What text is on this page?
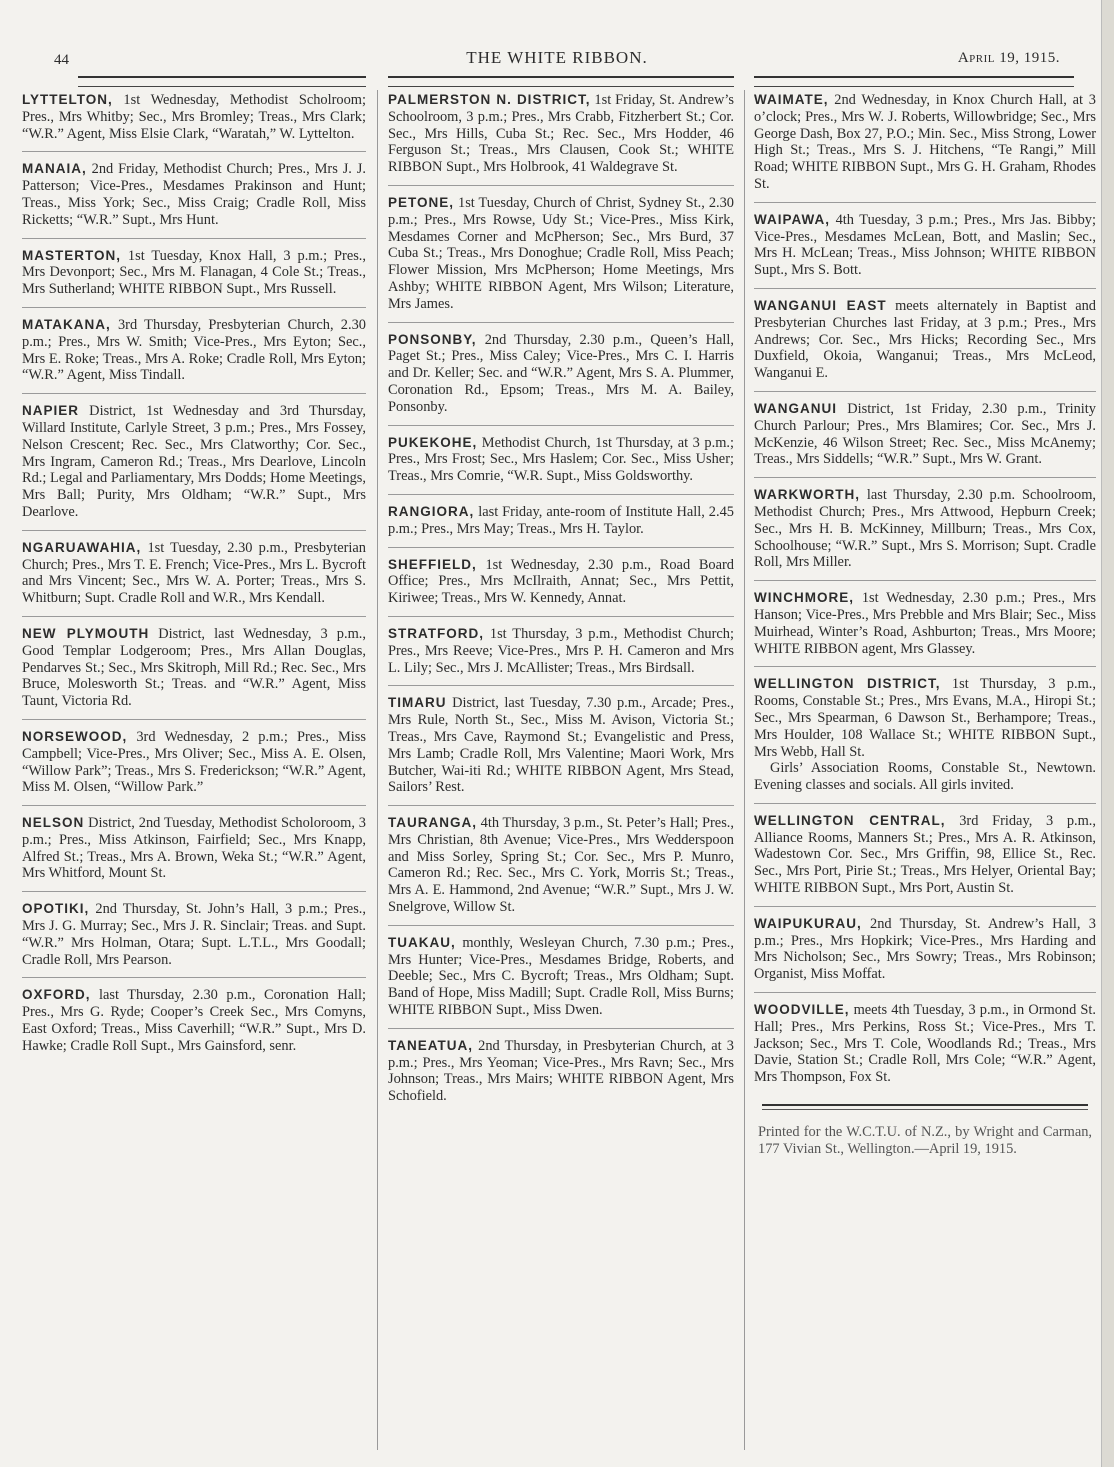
44	THE WHITE RIBBON.	April 19, 1915.
LYTTELTON, 1st Wednesday, Methodist Scholroom; Pres., Mrs Whitby; Sec., Mrs Bromley; Treas., Mrs Clark; “W.R.” Agent, Miss Elsie Clark, “Waratah,” W. Lyttelton.
MANAIA, 2nd Friday, Methodist Church; Pres., Mrs J. J. Patterson; Vice-Pres., Mesdames Prakinson and Hunt; Treas., Miss York; Sec., Miss Craig; Cradle Roll, Miss Ricketts; “W.R.” Supt., Mrs Hunt.
MASTERTON, 1st Tuesday, Knox Hall, 3 p.m.; Pres., Mrs Devonport; Sec., Mrs M. Flanagan, 4 Cole St.; Treas., Mrs Sutherland; WHITE RIBBON Supt., Mrs Russell.
MATAKANA, 3rd Thursday, Presbyterian Church, 2.30 p.m.; Pres., Mrs W. Smith; Vice-Pres., Mrs Eyton; Sec., Mrs E. Roke; Treas., Mrs A. Roke; Cradle Roll, Mrs Eyton; “W.R.” Agent, Miss Tindall.
NAPIER District, 1st Wednesday and 3rd Thursday, Willard Institute, Carlyle Street, 3 p.m.; Pres., Mrs Fossey, Nelson Crescent; Rec. Sec., Mrs Clatworthy; Cor. Sec., Mrs Ingram, Cameron Rd.; Treas., Mrs Dearlove, Lincoln Rd.; Legal and Parliamentary, Mrs Dodds; Home Meetings, Mrs Ball; Purity, Mrs Oldham; “W.R.” Supt., Mrs Dearlove.
NGARUAWAHIA, 1st Tuesday, 2.30 p.m., Presbyterian Church; Pres., Mrs T. E. French; Vice-Pres., Mrs L. Bycroft and Mrs Vincent; Sec., Mrs W. A. Porter; Treas., Mrs S. Whitburn; Supt. Cradle Roll and W.R., Mrs Kendall.
NEW PLYMOUTH District, last Wednesday, 3 p.m., Good Templar Lodgeroom; Pres., Mrs Allan Douglas, Pendarves St.; Sec., Mrs Skitroph, Mill Rd.; Rec. Sec., Mrs Bruce, Molesworth St.; Treas. and “W.R.” Agent, Miss Taunt, Victoria Rd.
NORSEWOOD, 3rd Wednesday, 2 p.m.; Pres., Miss Campbell; Vice-Pres., Mrs Oliver; Sec., Miss A. E. Olsen, “Willow Park”; Treas., Mrs S. Frederickson; “W.R.” Agent, Miss M. Olsen, “Willow Park.”
NELSON District, 2nd Tuesday, Methodist Scholoroom, 3 p.m.; Pres., Miss Atkinson, Fairfield; Sec., Mrs Knapp, Alfred St.; Treas., Mrs A. Brown, Weka St.; “W.R.” Agent, Mrs Whitford, Mount St.
OPOTIKI, 2nd Thursday, St. John’s Hall, 3 p.m.; Pres., Mrs J. G. Murray; Sec., Mrs J. R. Sinclair; Treas. and Supt. “W.R.” Mrs Holman, Otara; Supt. L.T.L., Mrs Goodall; Cradle Roll, Mrs Pearson.
OXFORD, last Thursday, 2.30 p.m., Coronation Hall; Pres., Mrs G. Ryde; Cooper’s Creek Sec., Mrs Comyns, East Oxford; Treas., Miss Caverhill; “W.R.” Supt., Mrs D. Hawke; Cradle Roll Supt., Mrs Gainsford, senr.
PALMERSTON N. DISTRICT, 1st Friday, St. Andrew’s Schoolroom, 3 p.m.; Pres., Mrs Crabb, Fitzherbert St.; Cor. Sec., Mrs Hills, Cuba St.; Rec. Sec., Mrs Hodder, 46 Ferguson St.; Treas., Mrs Clausen, Cook St.; WHITE RIBBON Supt., Mrs Holbrook, 41 Waldegrave St.
PETONE, 1st Tuesday, Church of Christ, Sydney St., 2.30 p.m.; Pres., Mrs Rowse, Udy St.; Vice-Pres., Miss Kirk, Mesdames Corner and McPherson; Sec., Mrs Burd, 37 Cuba St.; Treas., Mrs Donoghue; Cradle Roll, Miss Peach; Flower Mission, Mrs McPherson; Home Meetings, Mrs Ashby; WHITE RIBBON Agent, Mrs Wilson; Literature, Mrs James.
PONSONBY, 2nd Thursday, 2.30 p.m., Queen’s Hall, Paget St.; Pres., Miss Caley; Vice-Pres., Mrs C. I. Harris and Dr. Keller; Sec. and “W.R.” Agent, Mrs S. A. Plummer, Coronation Rd., Epsom; Treas., Mrs M. A. Bailey, Ponsonby.
PUKEKOHE, Methodist Church, 1st Thursday, at 3 p.m.; Pres., Mrs Frost; Sec., Mrs Haslem; Cor. Sec., Miss Usher; Treas., Mrs Comrie, “W.R. Supt., Miss Goldsworthy.
RANGIORA, last Friday, ante-room of Institute Hall, 2.45 p.m.; Pres., Mrs May; Treas., Mrs H. Taylor.
SHEFFIELD, 1st Wednesday, 2.30 p.m., Road Board Office; Pres., Mrs McIlraith, Annat; Sec., Mrs Pettit, Kiriwee; Treas., Mrs W. Kennedy, Annat.
STRATFORD, 1st Thursday, 3 p.m., Methodist Church; Pres., Mrs Reeve; Vice-Pres., Mrs P. H. Cameron and Mrs L. Lily; Sec., Mrs J. McAllister; Treas., Mrs Birdsall.
TIMARU District, last Tuesday, 7.30 p.m., Arcade; Pres., Mrs Rule, North St., Sec., Miss M. Avison, Victoria St.; Treas., Mrs Cave, Raymond St.; Evangelistic and Press, Mrs Lamb; Cradle Roll, Mrs Valentine; Maori Work, Mrs Butcher, Wai-iti Rd.; WHITE RIBBON Agent, Mrs Stead, Sailors’ Rest.
TAURANGA, 4th Thursday, 3 p.m., St. Peter’s Hall; Pres., Mrs Christian, 8th Avenue; Vice-Pres., Mrs Wedderspoon and Miss Sorley, Spring St.; Cor. Sec., Mrs P. Munro, Cameron Rd.; Rec. Sec., Mrs C. York, Morris St.; Treas., Mrs A. E. Hammond, 2nd Avenue; “W.R.” Supt., Mrs J. W. Snelgrove, Willow St.
TUAKAU, monthly, Wesleyan Church, 7.30 p.m.; Pres., Mrs Hunter; Vice-Pres., Mesdames Bridge, Roberts, and Deeble; Sec., Mrs C. Bycroft; Treas., Mrs Oldham; Supt. Band of Hope, Miss Madill; Supt. Cradle Roll, Miss Burns; WHITE RIBBON Supt., Miss Dwen.
TANEATUA, 2nd Thursday, in Presbyterian Church, at 3 p.m.; Pres., Mrs Yeoman; Vice-Pres., Mrs Ravn; Sec., Mrs Johnson; Treas., Mrs Mairs; WHITE RIBBON Agent, Mrs Schofield.
WAIMATE, 2nd Wednesday, in Knox Church Hall, at 3 o’clock; Pres., Mrs W. J. Roberts, Willowbridge; Sec., Mrs George Dash, Box 27, P.O.; Min. Sec., Miss Strong, Lower High St.; Treas., Mrs S. J. Hitchens, “Te Rangi,” Mill Road; WHITE RIBBON Supt., Mrs G. H. Graham, Rhodes St.
WAIPAWA, 4th Tuesday, 3 p.m.; Pres., Mrs Jas. Bibby; Vice-Pres., Mesdames McLean, Bott, and Maslin; Sec., Mrs H. McLean; Treas., Miss Johnson; WHITE RIBBON Supt., Mrs S. Bott.
WANGANUI EAST meets alternately in Baptist and Presbyterian Churches last Friday, at 3 p.m.; Pres., Mrs Andrews; Cor. Sec., Mrs Hicks; Recording Sec., Mrs Duxfield, Okoia, Wanganui; Treas., Mrs McLeod, Wanganui E.
WANGANUI District, 1st Friday, 2.30 p.m., Trinity Church Parlour; Pres., Mrs Blamires; Cor. Sec., Mrs J. McKenzie, 46 Wilson Street; Rec. Sec., Miss McAnemy; Treas., Mrs Siddells; “W.R.” Supt., Mrs W. Grant.
WARKWORTH, last Thursday, 2.30 p.m. Schoolroom, Methodist Church; Pres., Mrs Attwood, Hepburn Creek; Sec., Mrs H. B. McKinney, Millburn; Treas., Mrs Cox, Schoolhouse; “W.R.” Supt., Mrs S. Morrison; Supt. Cradle Roll, Mrs Miller.
WINCHMORE, 1st Wednesday, 2.30 p.m.; Pres., Mrs Hanson; Vice-Pres., Mrs Prebble and Mrs Blair; Sec., Miss Muirhead, Winter’s Road, Ashburton; Treas., Mrs Moore; WHITE RIBBON agent, Mrs Glassey.
WELLINGTON DISTRICT, 1st Thursday, 3 p.m., Rooms, Constable St.; Pres., Mrs Evans, M.A., Hiropi St.; Sec., Mrs Spearman, 6 Dawson St., Berhampore; Treas., Mrs Houlder, 108 Wallace St.; WHITE RIBBON Supt., Mrs Webb, Hall St.
Girls’ Association Rooms, Constable St., Newtown. Evening classes and socials. All girls invited.
WELLINGTON CENTRAL, 3rd Friday, 3 p.m., Alliance Rooms, Manners St.; Pres., Mrs A. R. Atkinson, Wadestown Cor. Sec., Mrs Griffin, 98, Ellice St., Rec. Sec., Mrs Port, Pirie St.; Treas., Mrs Helyer, Oriental Bay; WHITE RIBBON Supt., Mrs Port, Austin St.
WAIPUKURAU, 2nd Thursday, St. Andrew’s Hall, 3 p.m.; Pres., Mrs Hopkirk; Vice-Pres., Mrs Harding and Mrs Nicholson; Sec., Mrs Sowry; Treas., Mrs Robinson; Organist, Miss Moffat.
WOODVILLE, meets 4th Tuesday, 3 p.m., in Ormond St. Hall; Pres., Mrs Perkins, Ross St.; Vice-Pres., Mrs T. Jackson; Sec., Mrs T. Cole, Woodlands Rd.; Treas., Mrs Davie, Station St.; Cradle Roll, Mrs Cole; “W.R.” Agent, Mrs Thompson, Fox St.
Printed for the W.C.T.U. of N.Z., by Wright and Carman, 177 Vivian St., Wellington.—April 19, 1915.
